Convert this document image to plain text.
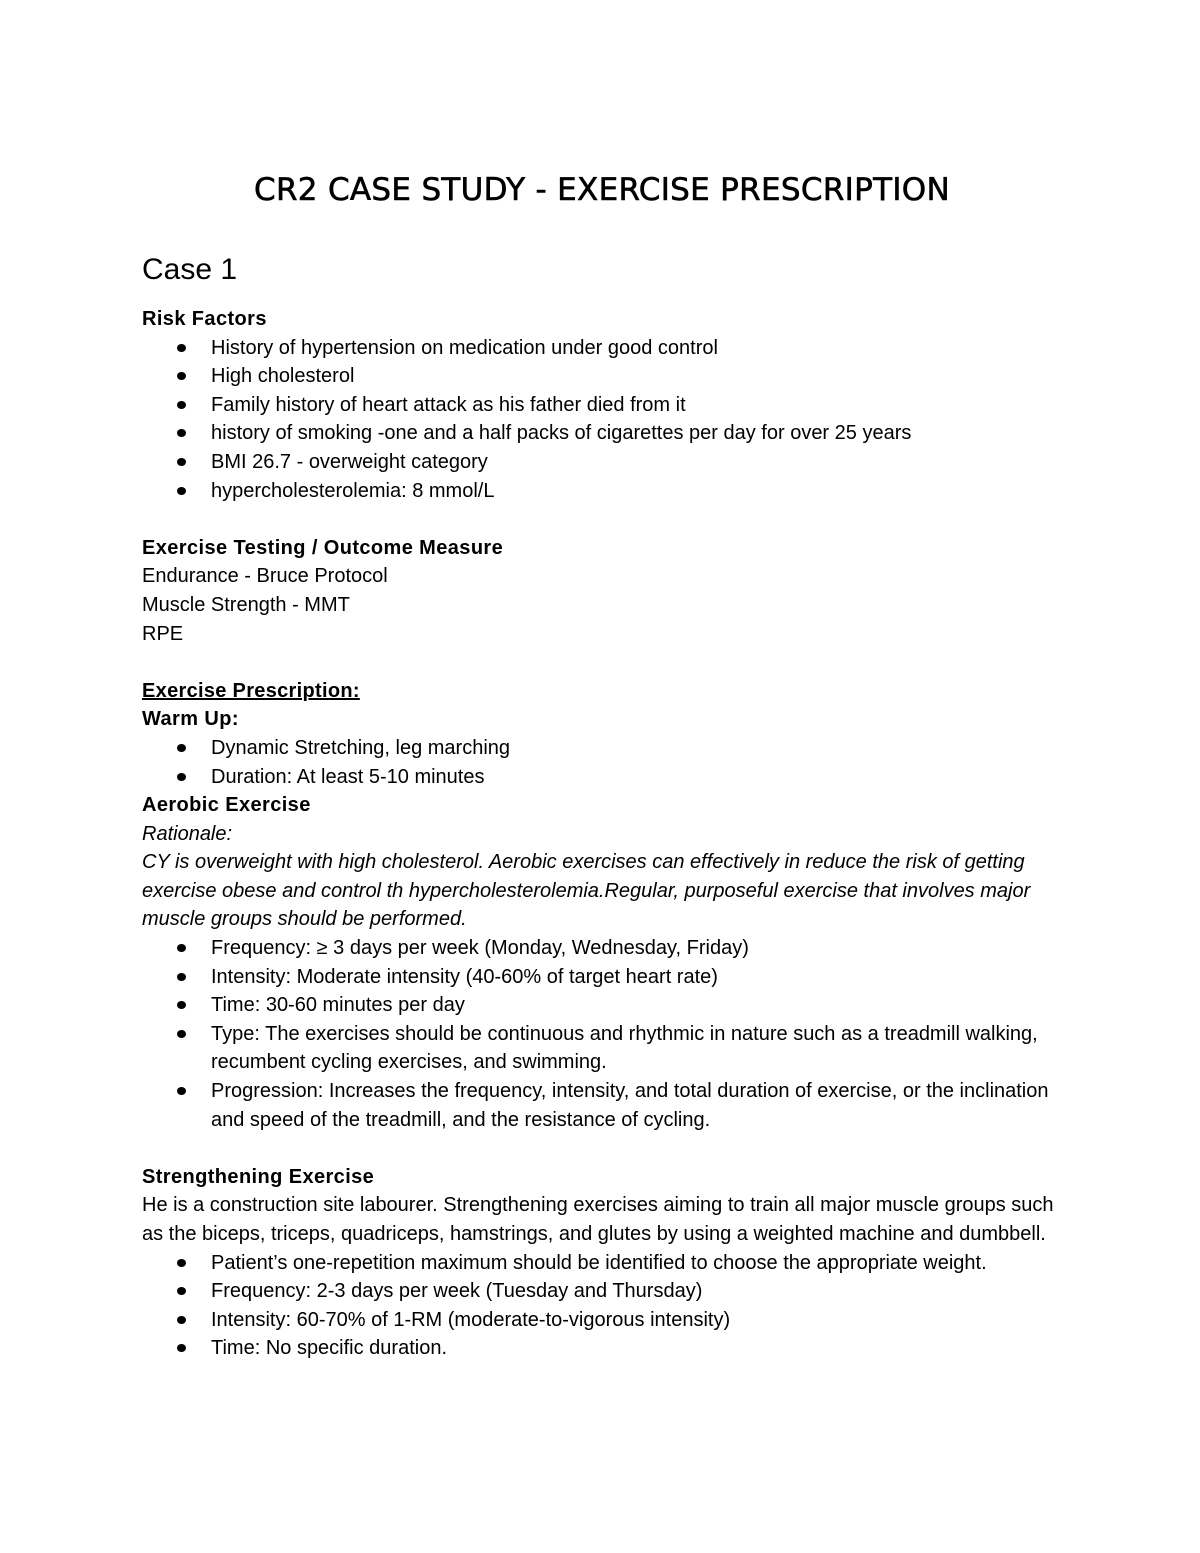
CR2 CASE STUDY - EXERCISE PRESCRIPTION
Case 1

Risk Factors

History of hypertension on medication under good control
High cholesterol
Family history of heart attack as his father died from it
history of smoking -one and a half packs of cigarettes per day for over 25 years
BMI 26.7 - overweight category
hypercholesterolemia: 8 mmol/L

Exercise Testing / Outcome Measure

Endurance - Bruce Protocol

Muscle Strength - MMT

RPE

Exercise Prescription:

Warm Up:

Dynamic Stretching, leg marching
Duration: At least 5-10 minutes

Aerobic Exercise

Rationale:

CY is overweight with high cholesterol. Aerobic exercises can effectively in reduce the risk of getting exercise obese and control th hypercholesterolemia.Regular, purposeful exercise that involves major muscle groups should be performed.

Frequency: ≥ 3 days per week (Monday, Wednesday, Friday)
Intensity: Moderate intensity (40-60% of target heart rate)
Time: 30-60 minutes per day
Type: The exercises should be continuous and rhythmic in nature such as a treadmill walking, recumbent cycling exercises, and swimming.
Progression: Increases the frequency, intensity, and total duration of exercise, or the inclination and speed of the treadmill, and the resistance of cycling.

Strengthening Exercise

He is a construction site labourer. Strengthening exercises aiming to train all major muscle groups such as the biceps, triceps, quadriceps, hamstrings, and glutes by using a weighted machine and dumbbell.

Patient’s one-repetition maximum should be identified to choose the appropriate weight.
Frequency: 2-3 days per week (Tuesday and Thursday)
Intensity: 60-70% of 1-RM (moderate-to-vigorous intensity)
Time: No specific duration.
